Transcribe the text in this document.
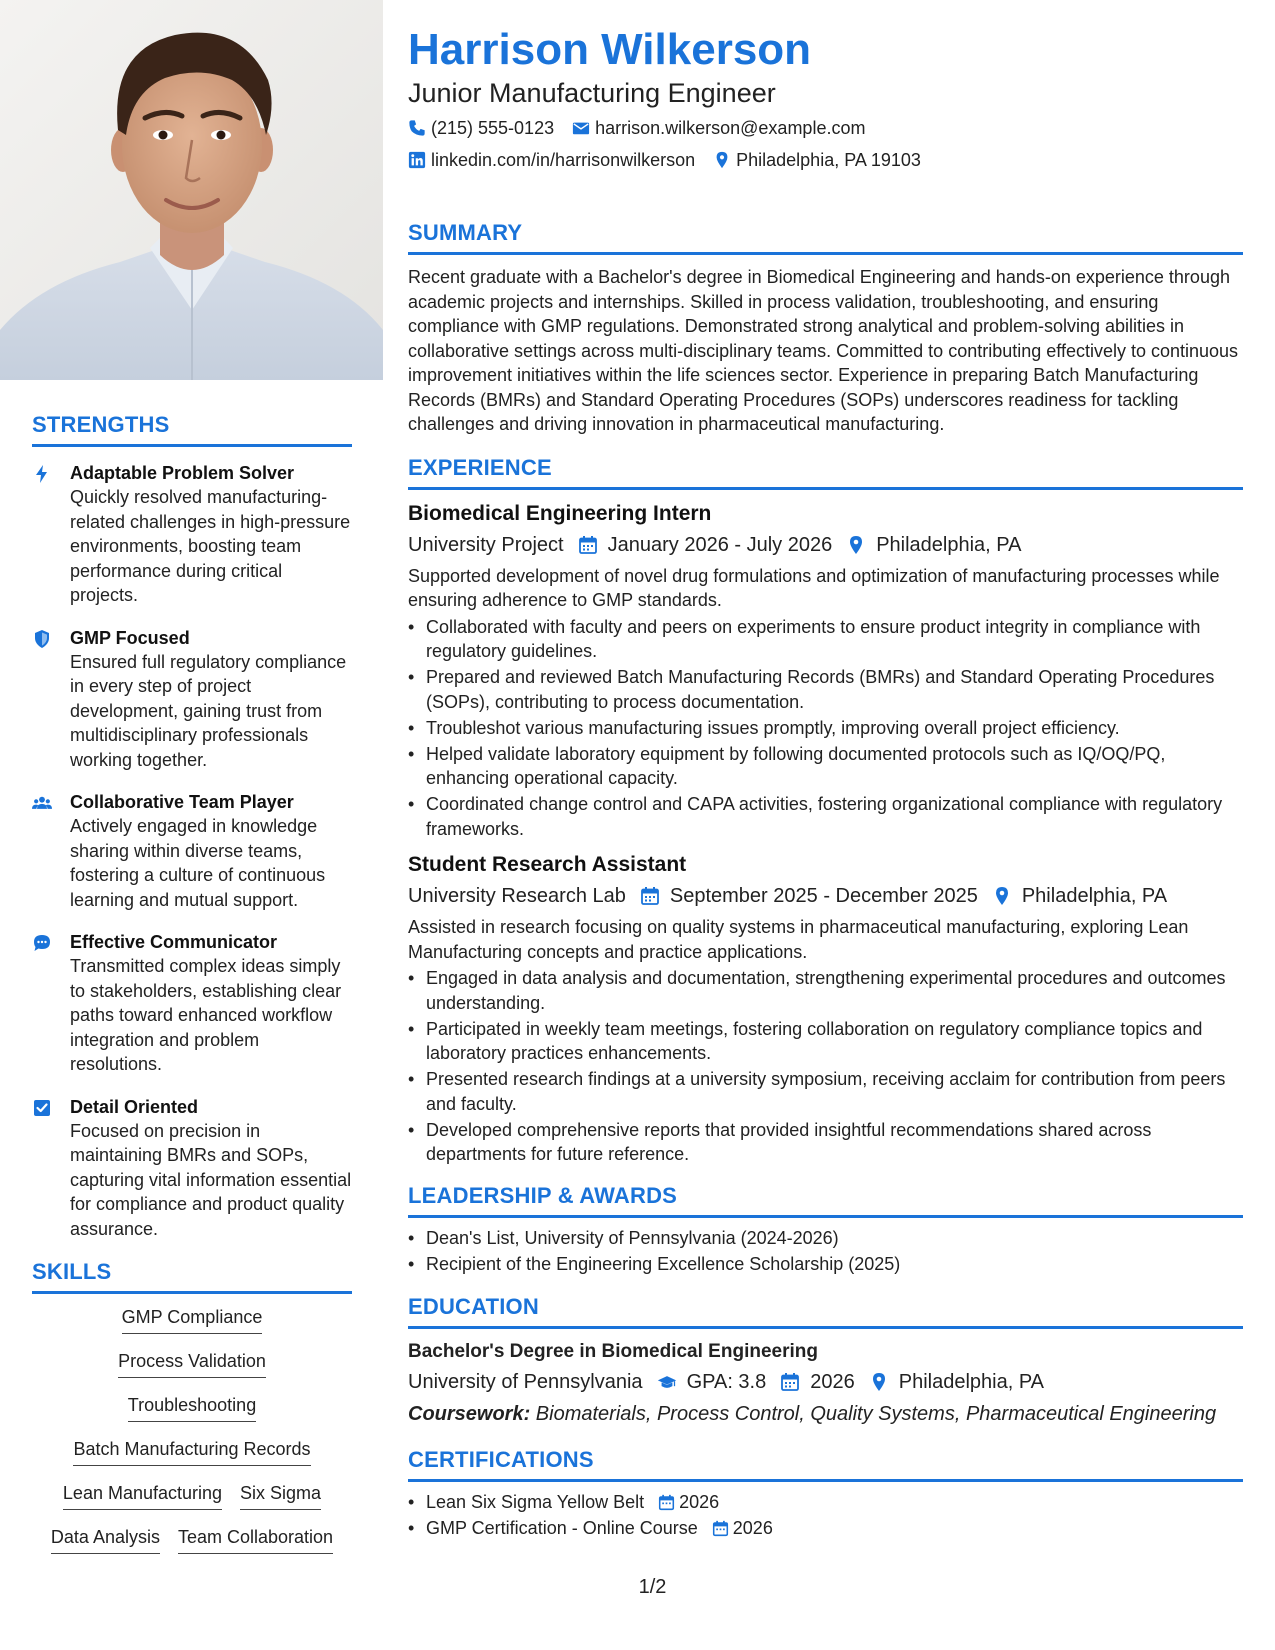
STRENGTHS
Adaptable Problem Solver
Quickly resolved manufacturing-related challenges in high-pressure environments, boosting team performance during critical projects.
GMP Focused
Ensured full regulatory compliance in every step of project development, gaining trust from multidisciplinary professionals working together.
Collaborative Team Player
Actively engaged in knowledge sharing within diverse teams, fostering a culture of continuous learning and mutual support.
Effective Communicator
Transmitted complex ideas simply to stakeholders, establishing clear paths toward enhanced workflow integration and problem resolutions.
Detail Oriented
Focused on precision in maintaining BMRs and SOPs, capturing vital information essential for compliance and product quality assurance.
SKILLS
GMP Compliance
Process Validation
Troubleshooting
Batch Manufacturing Records
Lean Manufacturing Six Sigma
Data Analysis Team Collaboration
Harrison Wilkerson
Junior Manufacturing Engineer
(215) 555-0123 harrison.wilkerson@example.com
linkedin.com/in/harrisonwilkerson Philadelphia, PA 19103
SUMMARY
Recent graduate with a Bachelor's degree in Biomedical Engineering and hands-on experience through academic projects and internships. Skilled in process validation, troubleshooting, and ensuring compliance with GMP regulations. Demonstrated strong analytical and problem-solving abilities in collaborative settings across multi-disciplinary teams. Committed to contributing effectively to continuous improvement initiatives within the life sciences sector. Experience in preparing Batch Manufacturing Records (BMRs) and Standard Operating Procedures (SOPs) underscores readiness for tackling challenges and driving innovation in pharmaceutical manufacturing.
EXPERIENCE
Biomedical Engineering Intern
University Project January 2026 - July 2026 Philadelphia, PA
Supported development of novel drug formulations and optimization of manufacturing processes while ensuring adherence to GMP standards.
• Collaborated with faculty and peers on experiments to ensure product integrity in compliance with regulatory guidelines.
• Prepared and reviewed Batch Manufacturing Records (BMRs) and Standard Operating Procedures (SOPs), contributing to process documentation.
• Troubleshot various manufacturing issues promptly, improving overall project efficiency.
• Helped validate laboratory equipment by following documented protocols such as IQ/OQ/PQ, enhancing operational capacity.
• Coordinated change control and CAPA activities, fostering organizational compliance with regulatory frameworks.
Student Research Assistant
University Research Lab September 2025 - December 2025 Philadelphia, PA
Assisted in research focusing on quality systems in pharmaceutical manufacturing, exploring Lean Manufacturing concepts and practice applications.
• Engaged in data analysis and documentation, strengthening experimental procedures and outcomes understanding.
• Participated in weekly team meetings, fostering collaboration on regulatory compliance topics and laboratory practices enhancements.
• Presented research findings at a university symposium, receiving acclaim for contribution from peers and faculty.
• Developed comprehensive reports that provided insightful recommendations shared across departments for future reference.
LEADERSHIP & AWARDS
• Dean's List, University of Pennsylvania (2024-2026)
• Recipient of the Engineering Excellence Scholarship (2025)
EDUCATION
Bachelor's Degree in Biomedical Engineering
University of Pennsylvania GPA: 3.8 2026 Philadelphia, PA
Coursework: Biomaterials, Process Control, Quality Systems, Pharmaceutical Engineering
CERTIFICATIONS
• Lean Six Sigma Yellow Belt 2026
• GMP Certification - Online Course 2026
1/2
